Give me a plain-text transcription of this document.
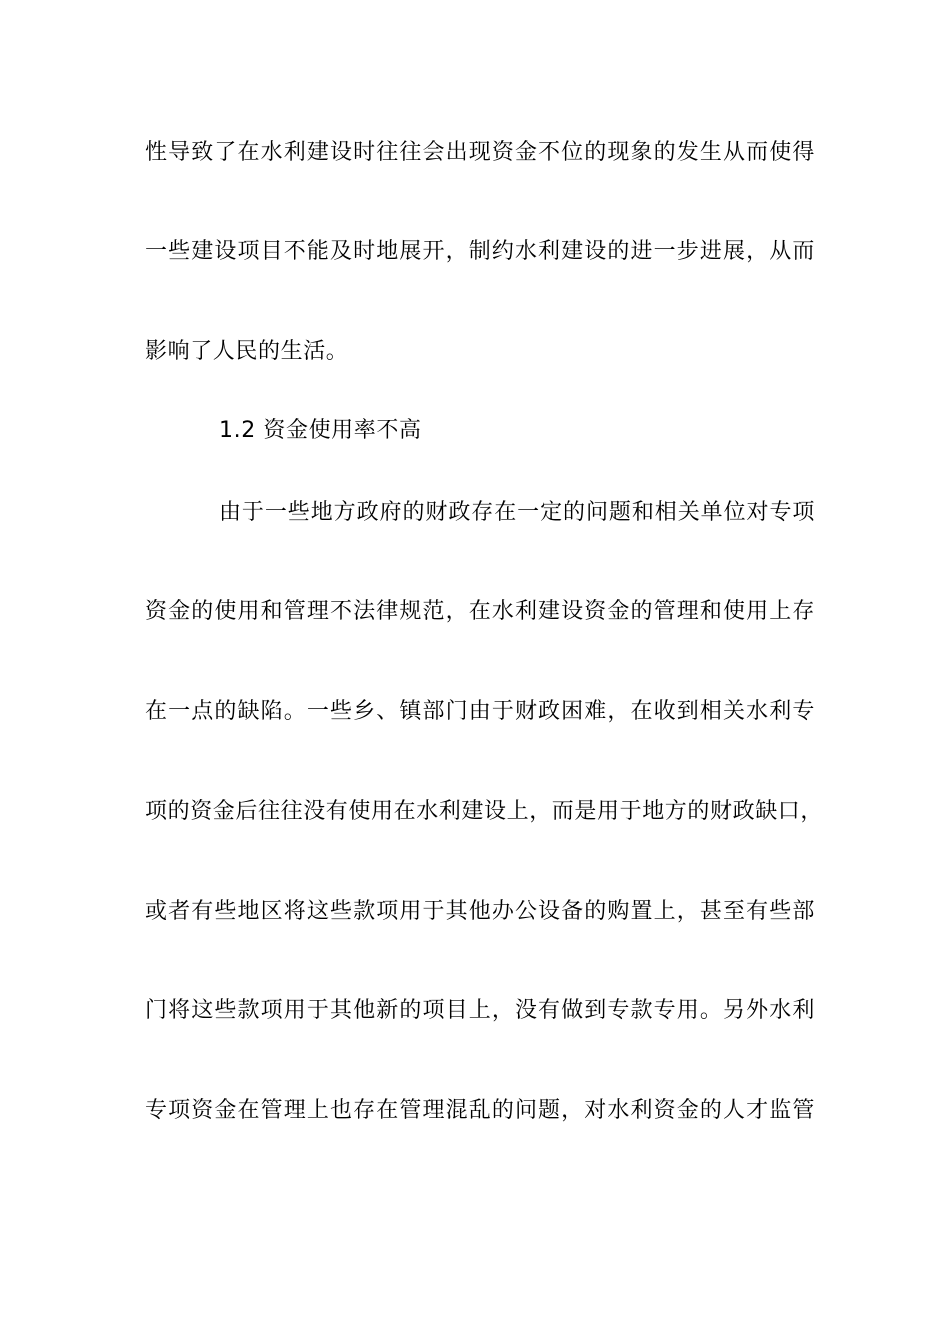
性导致了在水利建设时往往会出现资金不位的现象的发生从而使得
一些建设项目不能及时地展开，制约水利建设的进一步进展，从而
影响了人民的生活。
1.2 资金使用率不高
由于一些地方政府的财政存在一定的问题和相关单位对专项
资金的使用和管理不法律规范，在水利建设资金的管理和使用上存
在一点的缺陷。一些乡、镇部门由于财政困难，在收到相关水利专
项的资金后往往没有使用在水利建设上，而是用于地方的财政缺口，
或者有些地区将这些款项用于其他办公设备的购置上，甚至有些部
门将这些款项用于其他新的项目上，没有做到专款专用。另外水利
专项资金在管理上也存在管理混乱的问题，对水利资金的人才监管
